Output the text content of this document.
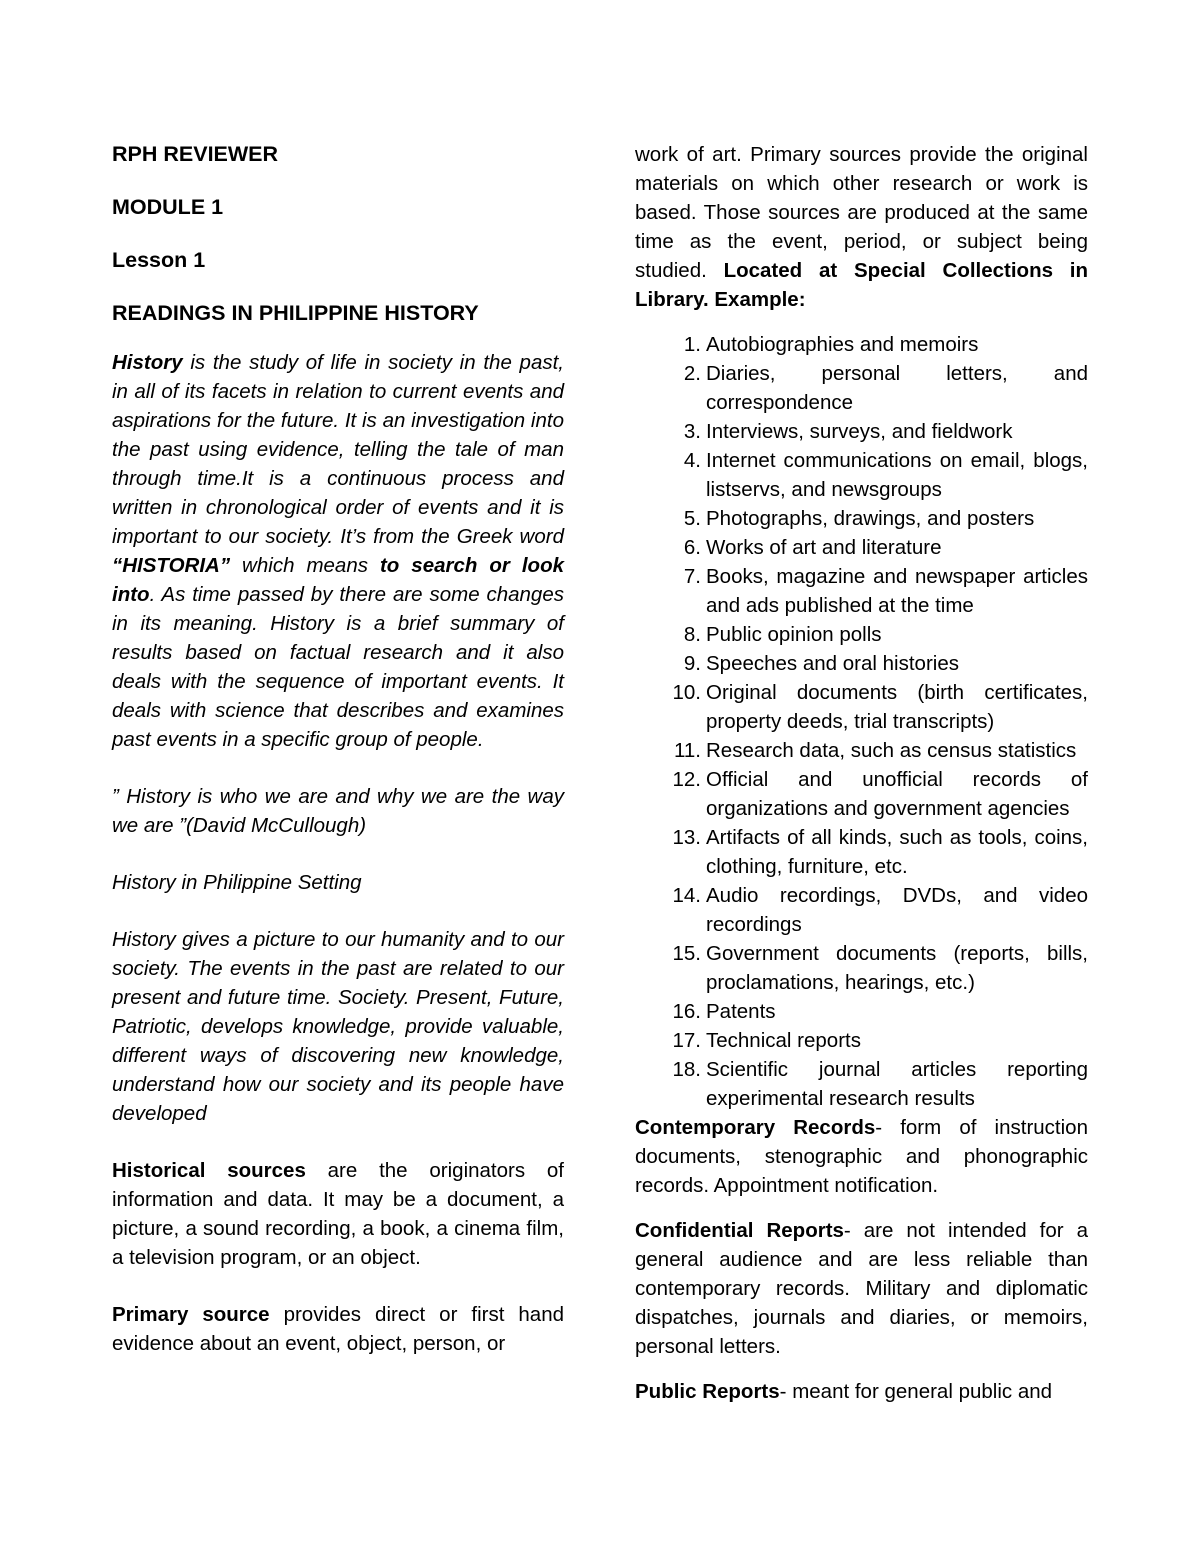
RPH REVIEWER

MODULE 1

Lesson 1

READINGS IN PHILIPPINE HISTORY

History is the study of life in society in the past, in all of its facets in relation to current events and aspirations for the future. It is an investigation into the past using evidence, telling the tale of man through time.It is a continuous process and written in chronological order of events and it is important to our society. It’s from the Greek word “HISTORIA” which means to search or look into. As time passed by there are some changes in its meaning. History is a brief summary of results based on factual research and it also deals with the sequence of important events. It deals with science that describes and examines past events in a specific group of people.

” History is who we are and why we are the way we are ”(David McCullough)

History in Philippine Setting

History gives a picture to our humanity and to our society. The events in the past are related to our present and future time. Society. Present, Future, Patriotic, develops knowledge, provide valuable, different ways of discovering new knowledge, understand how our society and its people have developed

Historical sources are the originators of information and data. It may be a document, a picture, a sound recording, a book, a cinema film, a television program, or an object.

Primary source provides direct or first hand evidence about an event, object, person, or

work of art. Primary sources provide the original materials on which other research or work is based. Those sources are produced at the same time as the event, period, or subject being studied. Located at Special Collections in Library. Example:

1. Autobiographies and memoirs
2. Diaries, personal letters, and correspondence
3. Interviews, surveys, and fieldwork
4. Internet communications on email, blogs, listservs, and newsgroups
5. Photographs, drawings, and posters
6. Works of art and literature
7. Books, magazine and newspaper articles and ads published at the time
8. Public opinion polls
9. Speeches and oral histories
10. Original documents (birth certificates, property deeds, trial transcripts)
11. Research data, such as census statistics
12. Official and unofficial records of organizations and government agencies
13. Artifacts of all kinds, such as tools, coins, clothing, furniture, etc.
14. Audio recordings, DVDs, and video recordings
15. Government documents (reports, bills, proclamations, hearings, etc.)
16. Patents
17. Technical reports
18. Scientific journal articles reporting experimental research results

Contemporary Records- form of instruction documents, stenographic and phonographic records. Appointment notification.

Confidential Reports- are not intended for a general audience and are less reliable than contemporary records. Military and diplomatic dispatches, journals and diaries, or memoirs, personal letters.

Public Reports- meant for general public and
